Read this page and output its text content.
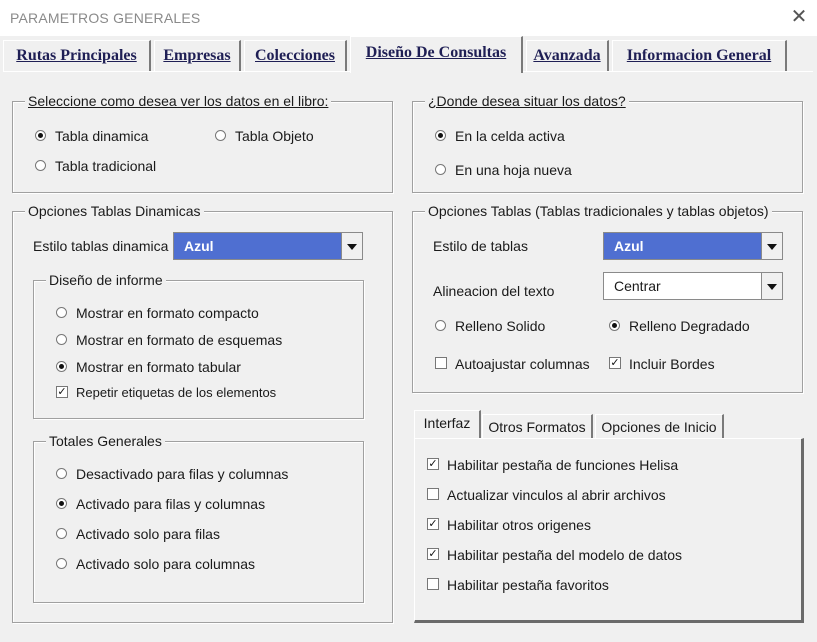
PARAMETROS GENERALES	✕
Rutas Principales	Empresas	Colecciones	Diseño De Consultas	Avanzada	Informacion General
Seleccione como desea ver los datos en el libro:
Tabla dinamica	Tabla Objeto
Tabla tradicional
¿Donde desea situar los datos?
En la celda activa
En una hoja nueva
Opciones Tablas Dinamicas
Estilo tablas dinamica Azul
Diseño de informe
Mostrar en formato compacto
Mostrar en formato de esquemas
Mostrar en formato tabular
✓ Repetir etiquetas de los elementos
Totales Generales
Desactivado para filas y columnas
Activado para filas y columnas
Activado solo para filas
Activado solo para columnas
Opciones Tablas (Tablas tradicionales y tablas objetos)
Estilo de tablas	Azul
Alineacion del texto	Centrar
Relleno Solido	Relleno Degradado
Autoajustar columnas ✓ Incluir Bordes
Interfaz	Otros Formatos	Opciones de Inicio
✓ Habilitar pestaña de funciones Helisa
Actualizar vinculos al abrir archivos
✓ Habilitar otros origenes
✓ Habilitar pestaña del modelo de datos
Habilitar pestaña favoritos
